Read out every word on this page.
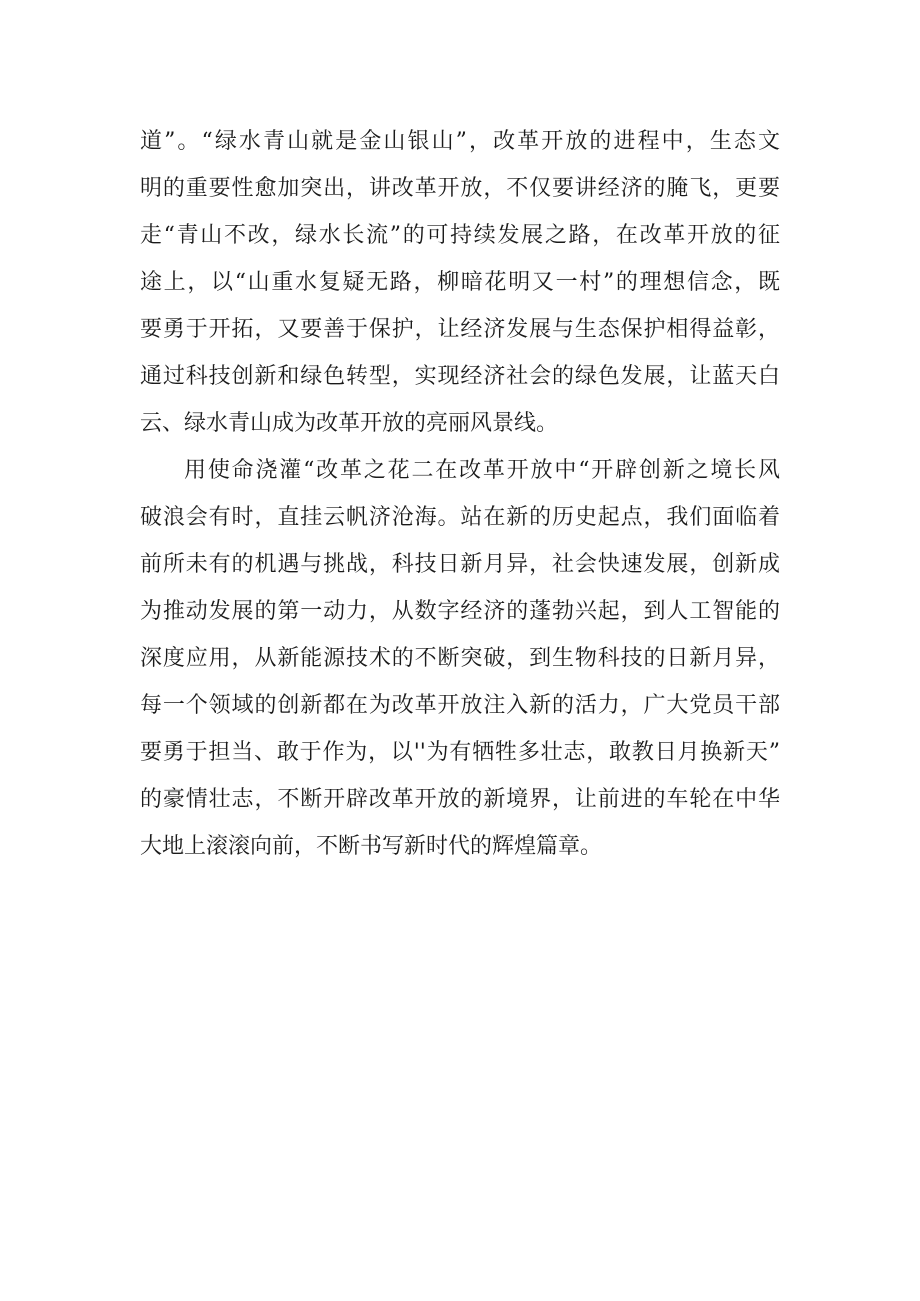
道”。“绿水青山就是金山银山”，改革开放的进程中，生态文
明的重要性愈加突出，讲改革开放，不仅要讲经济的腌飞，更要
走“青山不改，绿水长流”的可持续发展之路，在改革开放的征
途上，以“山重水复疑无路，柳暗花明又一村”的理想信念，既
要勇于开拓，又要善于保护，让经济发展与生态保护相得益彰，
通过科技创新和绿色转型，实现经济社会的绿色发展，让蓝天白
云、绿水青山成为改革开放的亮丽风景线。
用使命浇灌“改革之花二在改革开放中“开辟创新之境长风
破浪会有时，直挂云帆济沧海。站在新的历史起点，我们面临着
前所未有的机遇与挑战，科技日新月异，社会快速发展，创新成
为推动发展的第一动力，从数字经济的蓬勃兴起，到人工智能的
深度应用，从新能源技术的不断突破，到生物科技的日新月异，
每一个领域的创新都在为改革开放注入新的活力，广大党员干部
要勇于担当、敢于作为，以''为有牺牲多壮志，敢教日月换新天”
的豪情壮志，不断开辟改革开放的新境界，让前进的车轮在中华
大地上滚滚向前，不断书写新时代的辉煌篇章。
